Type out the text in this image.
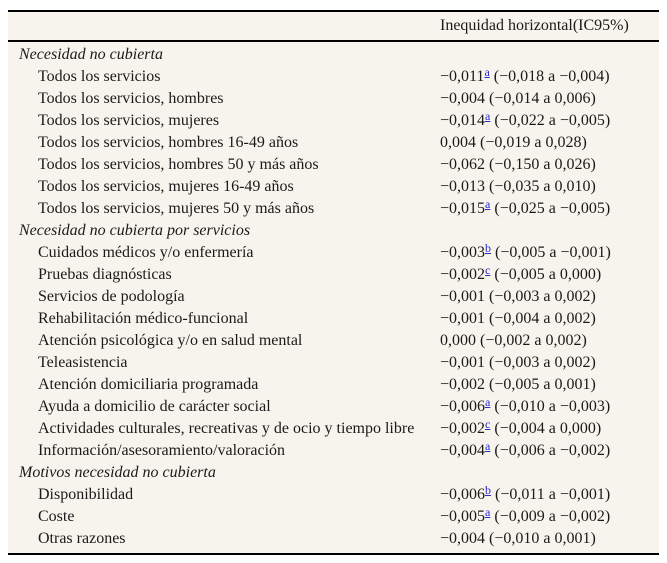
Inequidad horizontal(IC95%)
Necesidad no cubierta
Todos los servicios	−0,011$^a$ (−0,018 a −0,004)
Todos los servicios, hombres	−0,004 (−0,014 a 0,006)
Todos los servicios, mujeres	−0,014$^a$ (−0,022 a −0,005)
Todos los servicios, hombres 16-49 años	0,004 (−0,019 a 0,028)
Todos los servicios, hombres 50 y más años	−0,062 (−0,150 a 0,026)
Todos los servicios, mujeres 16-49 años	−0,013 (−0,035 a 0,010)
Todos los servicios, mujeres 50 y más años	−0,015$^a$ (−0,025 a −0,005)
Necesidad no cubierta por servicios
Cuidados médicos y/o enfermería	−0,003$^b$ (−0,005 a −0,001)
Pruebas diagnósticas	−0,002$^c$ (−0,005 a 0,000)
Servicios de podología	−0,001 (−0,003 a 0,002)
Rehabilitación médico-funcional	−0,001 (−0,004 a 0,002)
Atención psicológica y/o en salud mental	0,000 (−0,002 a 0,002)
Teleasistencia	−0,001 (−0,003 a 0,002)
Atención domiciliaria programada	−0,002 (−0,005 a 0,001)
Ayuda a domicilio de carácter social	−0,006$^a$ (−0,010 a −0,003)
Actividades culturales, recreativas y de ocio y tiempo libre	−0,002$^c$ (−0,004 a 0,000)
Información/asesoramiento/valoración	−0,004$^a$ (−0,006 a −0,002)
Motivos necesidad no cubierta
Disponibilidad	−0,006$^b$ (−0,011 a −0,001)
Coste	−0,005$^a$ (−0,009 a −0,002)
Otras razones	−0,004 (−0,010 a 0,001)
